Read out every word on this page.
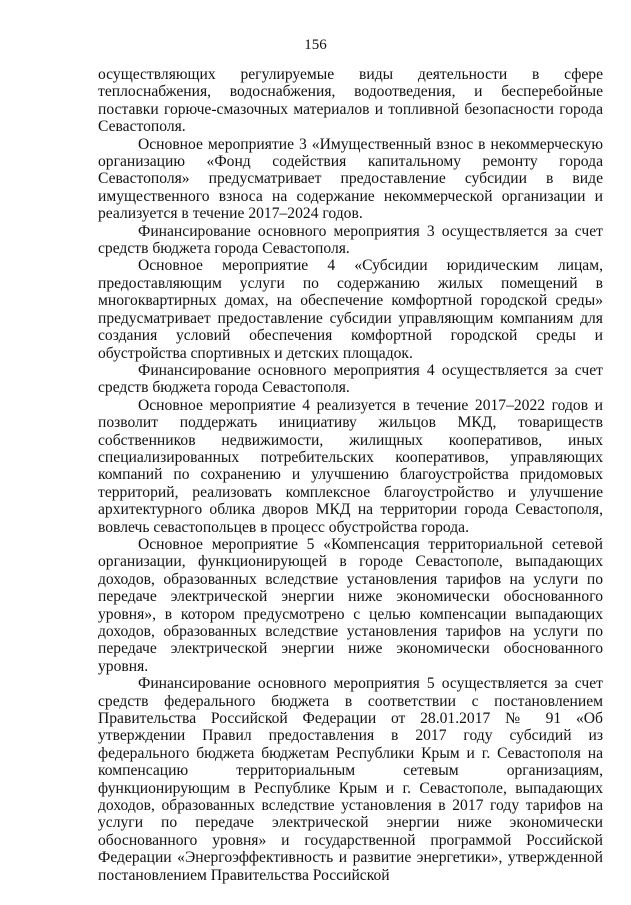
156

осуществляющих регулируемые виды деятельности в сфере теплоснабжения, водоснабжения, водоотведения, и бесперебойные поставки горюче-смазочных материалов и топливной безопасности города Севастополя.

Основное мероприятие 3 «Имущественный взнос в некоммерческую организацию «Фонд содействия капитальному ремонту города Севастополя» предусматривает предоставление субсидии в виде имущественного взноса на содержание некоммерческой организации и реализуется в течение 2017–2024 годов.

Финансирование основного мероприятия 3 осуществляется за счет средств бюджета города Севастополя.

Основное мероприятие 4 «Субсидии юридическим лицам, предоставляющим услуги по содержанию жилых помещений в многоквартирных домах, на обеспечение комфортной городской среды» предусматривает предоставление субсидии управляющим компаниям для создания условий обеспечения комфортной городской среды и обустройства спортивных и детских площадок.

Финансирование основного мероприятия 4 осуществляется за счет средств бюджета города Севастополя.

Основное мероприятие 4 реализуется в течение 2017–2022 годов и позволит поддержать инициативу жильцов МКД, товариществ собственников недвижимости, жилищных кооперативов, иных специализированных потребительских кооперативов, управляющих компаний по сохранению и улучшению благоустройства придомовых территорий, реализовать комплексное благоустройство и улучшение архитектурного облика дворов МКД на территории города Севастополя, вовлечь севастопольцев в процесс обустройства города.

Основное мероприятие 5 «Компенсация территориальной сетевой организации, функционирующей в городе Севастополе, выпадающих доходов, образованных вследствие установления тарифов на услуги по передаче электрической энергии ниже экономически обоснованного уровня», в котором предусмотрено с целью компенсации выпадающих доходов, образованных вследствие установления тарифов на услуги по передаче электрической энергии ниже экономически обоснованного уровня.

Финансирование основного мероприятия 5 осуществляется за счет средств федерального бюджета в соответствии с постановлением Правительства Российской Федерации от 28.01.2017 № 91 «Об утверждении Правил предоставления в 2017 году субсидий из федерального бюджета бюджетам Республики Крым и г. Севастополя на компенсацию территориальным сетевым организациям, функционирующим в Республике Крым и г. Севастополе, выпадающих доходов, образованных вследствие установления в 2017 году тарифов на услуги по передаче электрической энергии ниже экономически обоснованного уровня» и государственной программой Российской Федерации «Энергоэффективность и развитие энергетики», утвержденной постановлением Правительства Российской
